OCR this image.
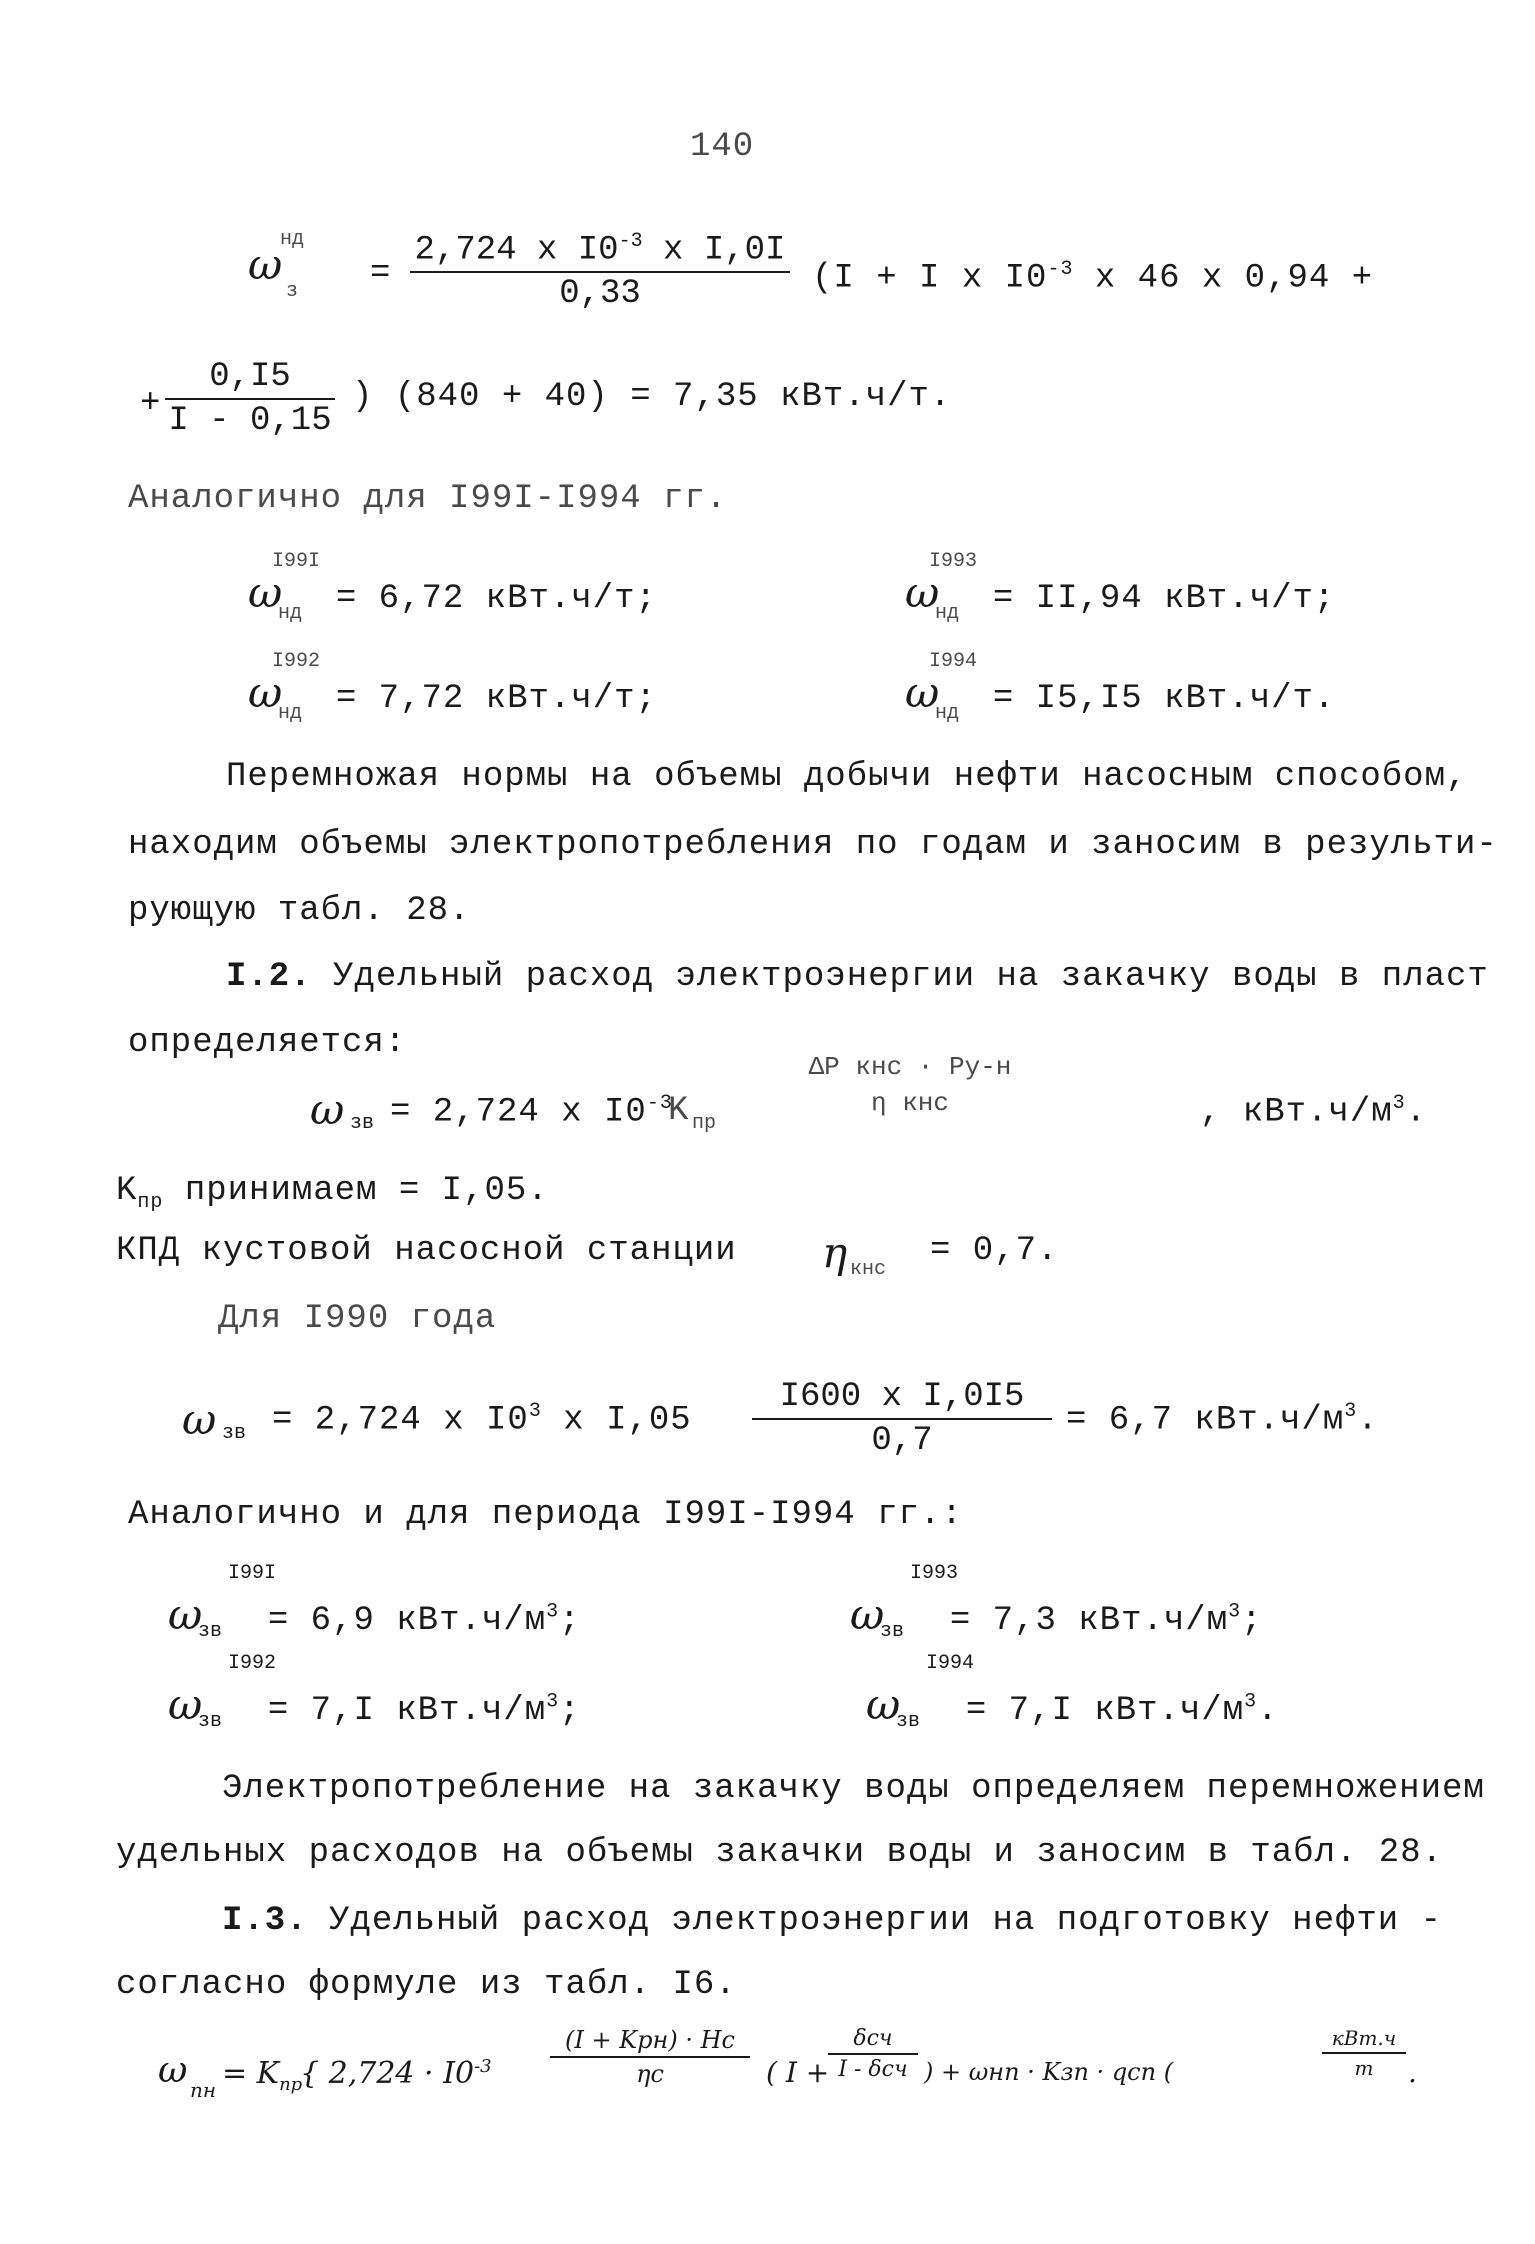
140
ω
нд
з =
2,724 x $I0^{-3}$ x I,0I
0,33	(I + I x $I0^{-3}$ x 46 x 0,94 +
+
0,I5
I - 0,15
) (840 + 40) = 7,35 кВт.ч/т.
Аналогично для I99I-I994 гг.
ω
I99I
нд = 6,72 кВт.ч/т;	ω
I993
нд = II,94 кВт.ч/т;
ω
I992
нд = 7,72 кВт.ч/т;	ω
I994
нд = I5,I5 кВт.ч/т.
Перемножая нормы на объемы добычи нефти насосным способом,
находим объемы электропотребления по годам и заносим в результи-
рующую табл. 28.
I.2. Удельный расход электроэнергии на закачку воды в пласт
определяется:
ω зв = 2,724 x $I0^{-3}$
K пр
ΔP кнс · Pу-н
η кнс	, $кВт.ч/м^3$.
$K_{пр}$ принимаем = I,05.
КПД кустовой насосной станции η кнс = 0,7.
Для I990 года
ω зв = 2,724 x $I0^3$ x I,05
I600 x I,0I5
0,7
= 6,7 $кВт.ч/м^3$.
Аналогично и для периода I99I-I994 гг.:
ω
I99I
зв = 6,9 $кВт.ч/м^3$;	ω
I993
зв = 7,3 $кВт.ч/м^3$;
ω
I992
зв = 7,I $кВт.ч/м^3$;	ω
I994
зв = 7,I $кВт.ч/м^3$.
Электропотребление на закачку воды определяем перемножением
удельных расходов на объемы закачки воды и заносим в табл. 28.
I.3. Удельный расход электроэнергии на подготовку нефти -
согласно формуле из табл. I6.
ω пн = $K_{пр}$
{ $2,724 \cdot I0^{-3}$
(I + Kрн) · Нс
ηс	( I +
δсч
I - δсч ) + ωнп · Kзп · qсп (
кВт.ч
т	.
